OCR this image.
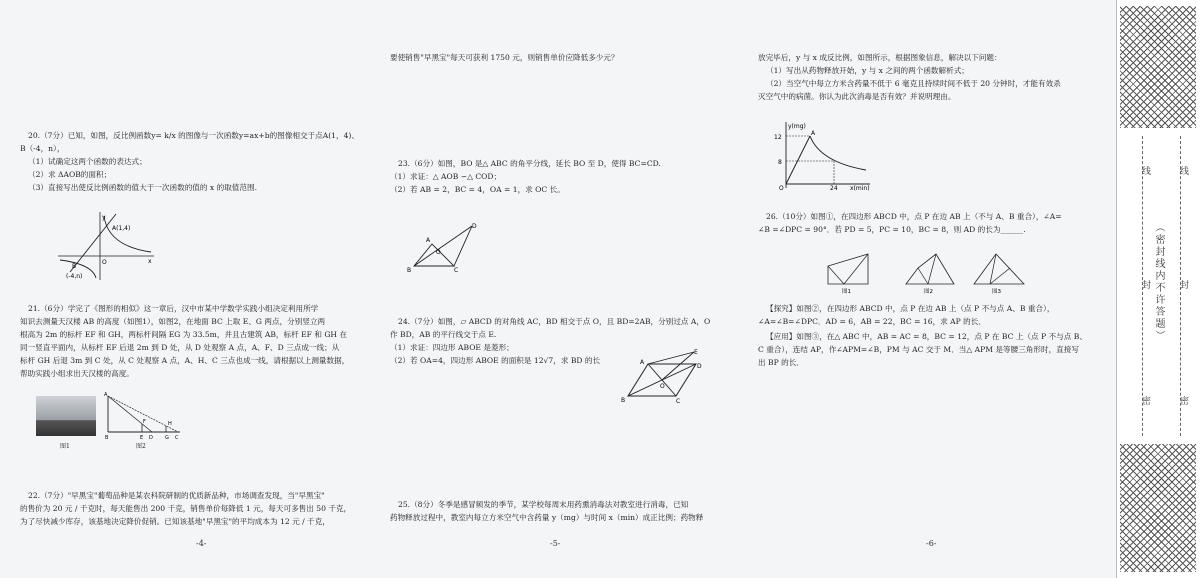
20.（7分）已知，如图，反比例函数y= k/x 的图像与一次函数y=ax+b的图像相交于点A(1，4)、
B（-4，n），
（1）试确定这两个函数的表达式；
（2）求 ΔAOB的面积；
（3）直接写出使反比例函数的值大于一次函数的值的 x 的取值范围.
y
A(1,4)
O	x
B
(-4,n)
21.（6分）学完了《图形的相似》这一章后，汉中市某中学数学实践小组决定利用所学
知识去测量天汉楼 AB 的高度（如图1），如图2，在地面 BC 上取 E、G 两点，分别竖立两
根高为 2m 的标杆 EF 和 GH，两标杆间隔 EG 为 33.5m，并且古建筑 AB，标杆 EF 和 GH 在
同一竖直平面内，从标杆 EF 后退 2m 到 D 处，从 D 处观察 A 点，A、F、D 三点成一线；从
标杆 GH 后退 3m 到 C 处，从 C 处观察 A 点，A、H、C 三点也成一线，请根据以上测量数据，
帮助实践小组求出天汉楼的高度。
图1
A
F	H
B	E D G C
图2
22.（7分）"早黑宝"葡萄品种是某农科院研制的优质新品种，市场调查发现，当"早黑宝"
的售价为 20 元 / 千克时，每天能售出 200 千克，销售单价每降低 1 元，每天可多售出 50 千克，
为了尽快减少库存，该基地决定降价促销。已知该基地"早黑宝"的平均成本为 12 元 / 千克，
-4-
要使销售"早黑宝"每天可获利 1750 元，则销售单价应降低多少元？
23.（6分）如图，BO 是△ ABC 的角平分线，延长 BO 至 D，使得 BC=CD.
（1）求证：△ AOB ∽△ COD；
（2）若 AB = 2，BC = 4，OA = 1，求 OC 长。
D
A
O
B	C
24.（7分）如图，▱ ABCD 的对角线 AC，BD 相交于点 O，且 BD=2AB，分别过点 A，O
作 BD，AB 的平行线交于点 E.
（1）求证：四边形 ABOE 是菱形；
（2）若 OA=4，四边形 ABOE 的面积是 12√7，求 BD 的长	A
E
D
O
B	C
25.（8分）冬季是感冒频发的季节，某学校每周末用药熏消毒法对教室进行消毒，已知
药物释放过程中，教室内每立方米空气中含药量 y（mg）与时间 x（min）成正比例；药物释
-5-
放完毕后，y 与 x 成反比例，如图所示，根据图象信息，解决以下问题：
（1）写出从药物释放开始，y 与 x 之间的两个函数解析式；
（2）当空气中每立方米含药量不低于 6 毫克且持续时间不低于 20 分钟时，才能有效杀
灭空气中的病菌。你认为此次消毒是否有效？并说明理由。
y(mg)
12
A
8
O	24 x(min)
26.（10分）如图①，在四边形 ABCD 中，点 P 在边 AB 上（不与 A、B 重合），∠A=
∠B =∠DPC = 90°．若 PD = 5，PC = 10，BC = 8，则 AD 的长为______.
图1	图2	图3
【探究】如图②，在四边形 ABCD 中，点 P 在边 AB 上（点 P 不与点 A、B 重合），
∠A=∠B=∠DPC．AD = 6，AB = 22，BC = 16，求 AP 的长．
【应用】如图③，在△ ABC 中，AB = AC = 8，BC = 12，点 P 在 BC 上（点 P 不与点 B、
C 重合），连结 AP，作∠APM=∠B，PM 与 AC 交于 M．当△ APM 是等腰三角形时，直接写
出 BP 的长．
-6-
线
封
密
线
封
密
（密封线内不许答题）
